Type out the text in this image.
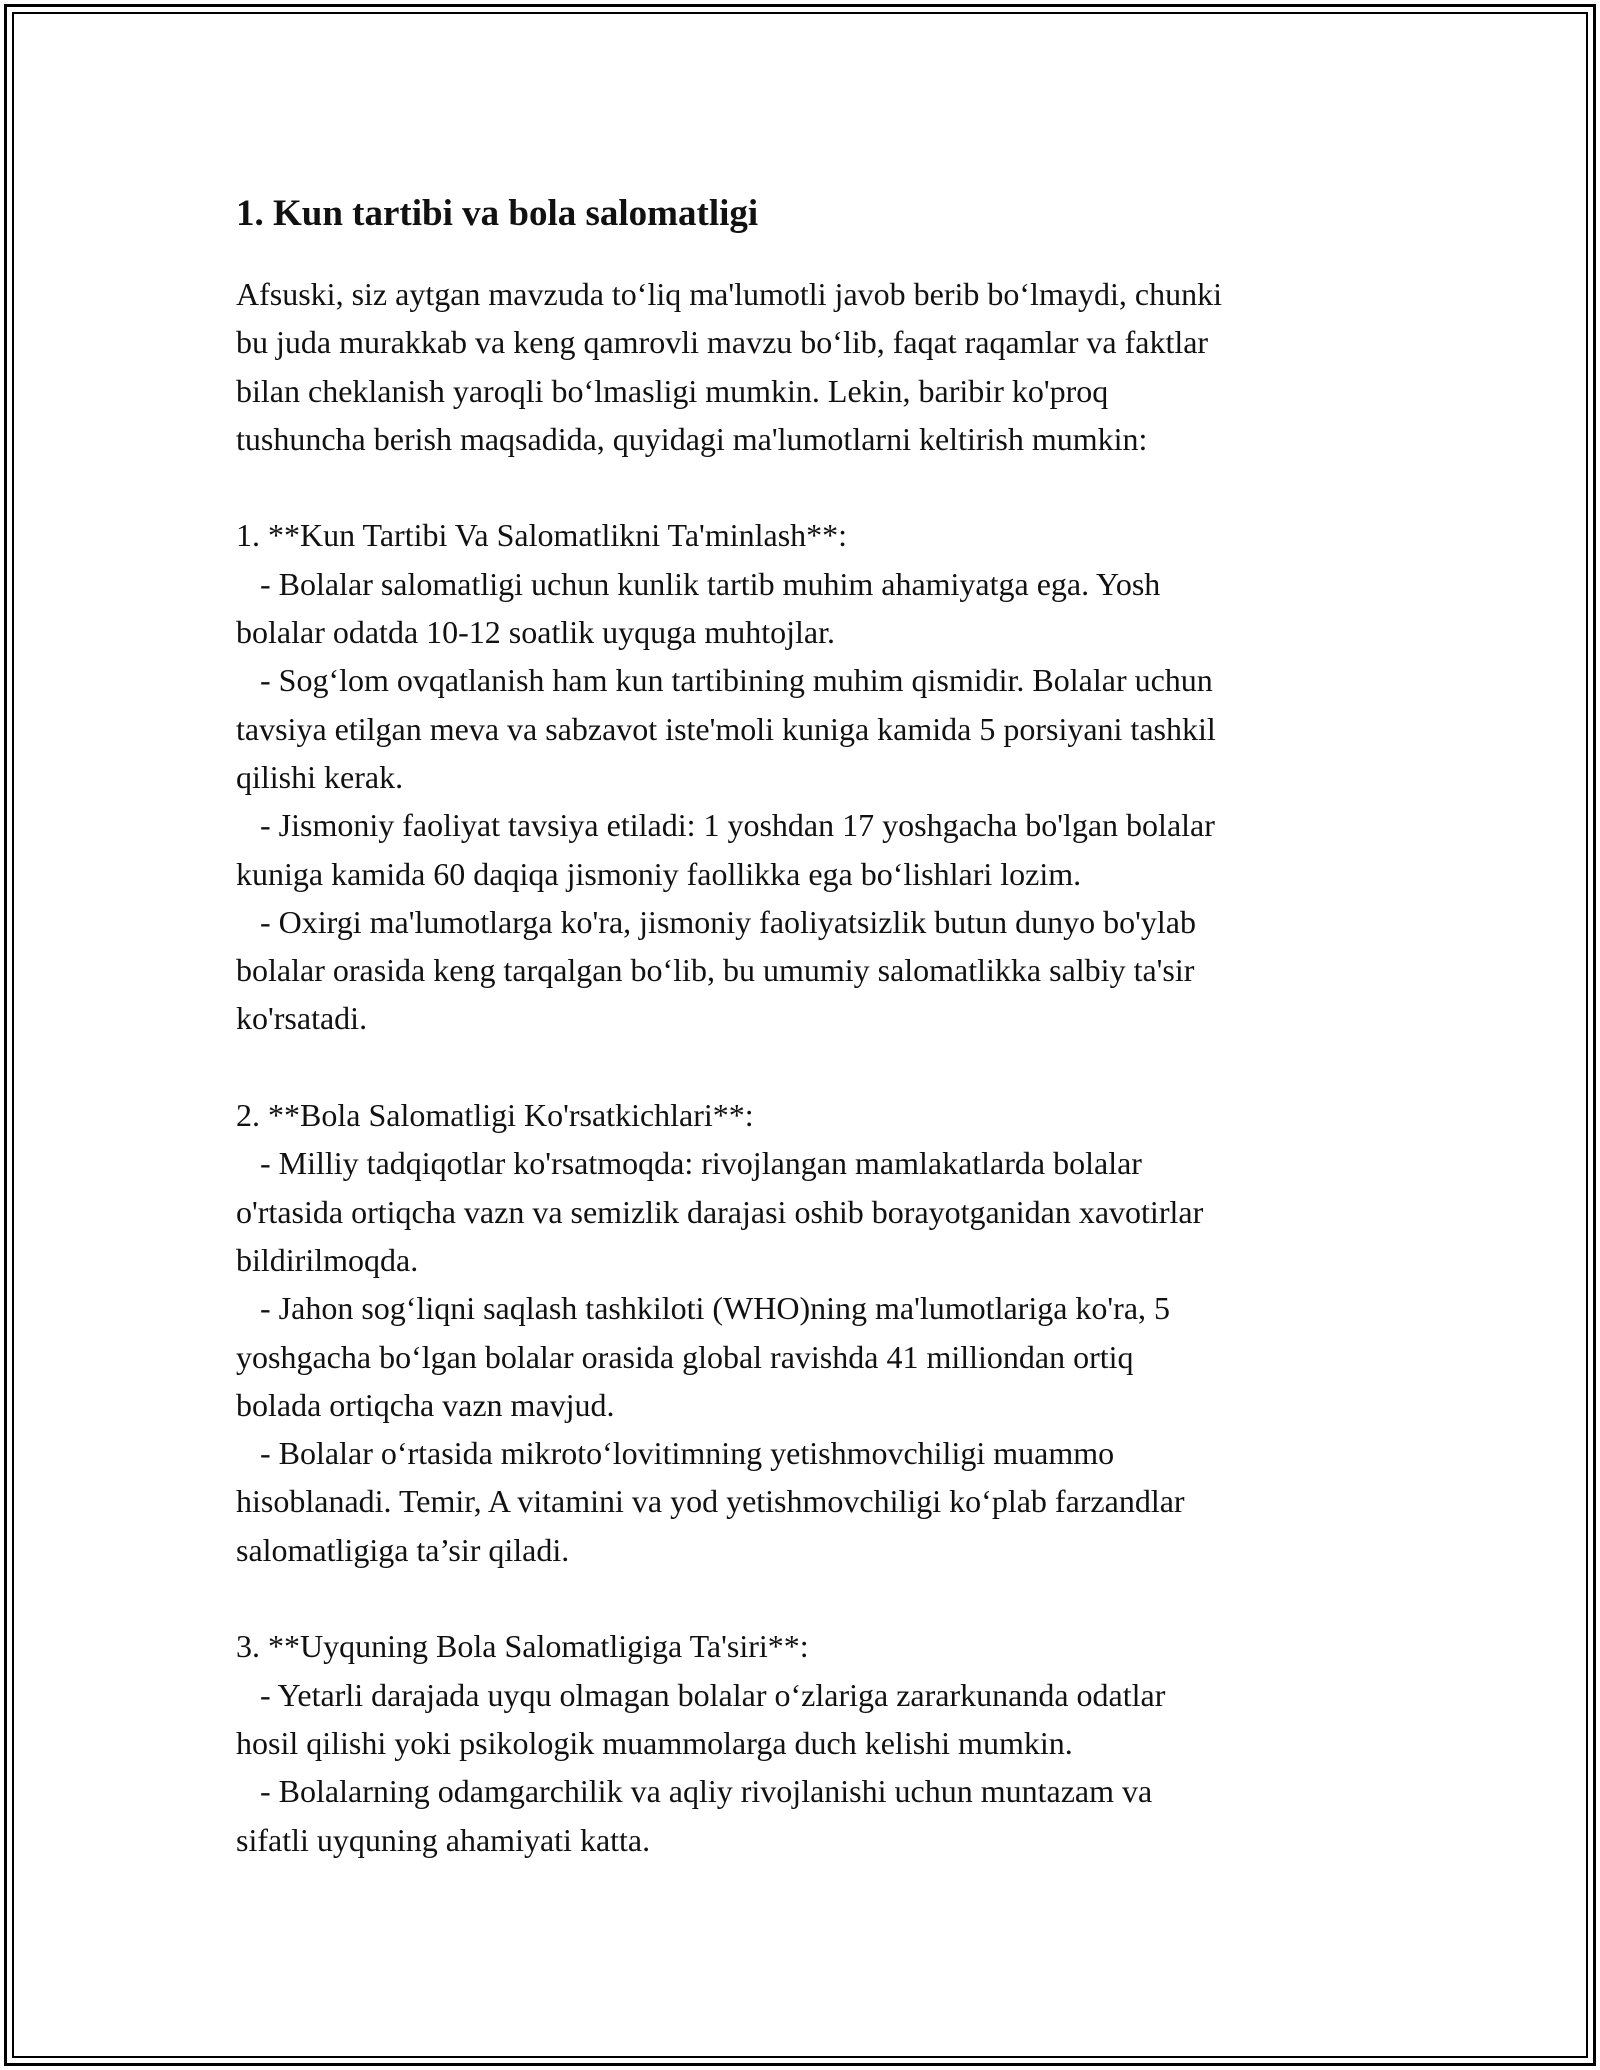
1. Kun tartibi va bola salomatligi
Afsuski, siz aytgan mavzuda to‘liq ma'lumotli javob berib bo‘lmaydi, chunki
bu juda murakkab va keng qamrovli mavzu bo‘lib, faqat raqamlar va faktlar
bilan cheklanish yaroqli bo‘lmasligi mumkin. Lekin, baribir ko'proq
tushuncha berish maqsadida, quyidagi ma'lumotlarni keltirish mumkin:
1. **Kun Tartibi Va Salomatlikni Ta'minlash**:
- Bolalar salomatligi uchun kunlik tartib muhim ahamiyatga ega. Yosh
bolalar odatda 10-12 soatlik uyquga muhtojlar.
- Sog‘lom ovqatlanish ham kun tartibining muhim qismidir. Bolalar uchun
tavsiya etilgan meva va sabzavot iste'moli kuniga kamida 5 porsiyani tashkil
qilishi kerak.
- Jismoniy faoliyat tavsiya etiladi: 1 yoshdan 17 yoshgacha bo'lgan bolalar
kuniga kamida 60 daqiqa jismoniy faollikka ega bo‘lishlari lozim.
- Oxirgi ma'lumotlarga ko'ra, jismoniy faoliyatsizlik butun dunyo bo'ylab
bolalar orasida keng tarqalgan bo‘lib, bu umumiy salomatlikka salbiy ta'sir
ko'rsatadi.
2. **Bola Salomatligi Ko'rsatkichlari**:
- Milliy tadqiqotlar ko'rsatmoqda: rivojlangan mamlakatlarda bolalar
o'rtasida ortiqcha vazn va semizlik darajasi oshib borayotganidan xavotirlar
bildirilmoqda.
- Jahon sog‘liqni saqlash tashkiloti (WHO)ning ma'lumotlariga ko'ra, 5
yoshgacha bo‘lgan bolalar orasida global ravishda 41 milliondan ortiq
bolada ortiqcha vazn mavjud.
- Bolalar o‘rtasida mikroto‘lovitimning yetishmovchiligi muammo
hisoblanadi. Temir, A vitamini va yod yetishmovchiligi ko‘plab farzandlar
salomatligiga ta’sir qiladi.
3. **Uyquning Bola Salomatligiga Ta'siri**:
- Yetarli darajada uyqu olmagan bolalar o‘zlariga zararkunanda odatlar
hosil qilishi yoki psikologik muammolarga duch kelishi mumkin.
- Bolalarning odamgarchilik va aqliy rivojlanishi uchun muntazam va
sifatli uyquning ahamiyati katta.
